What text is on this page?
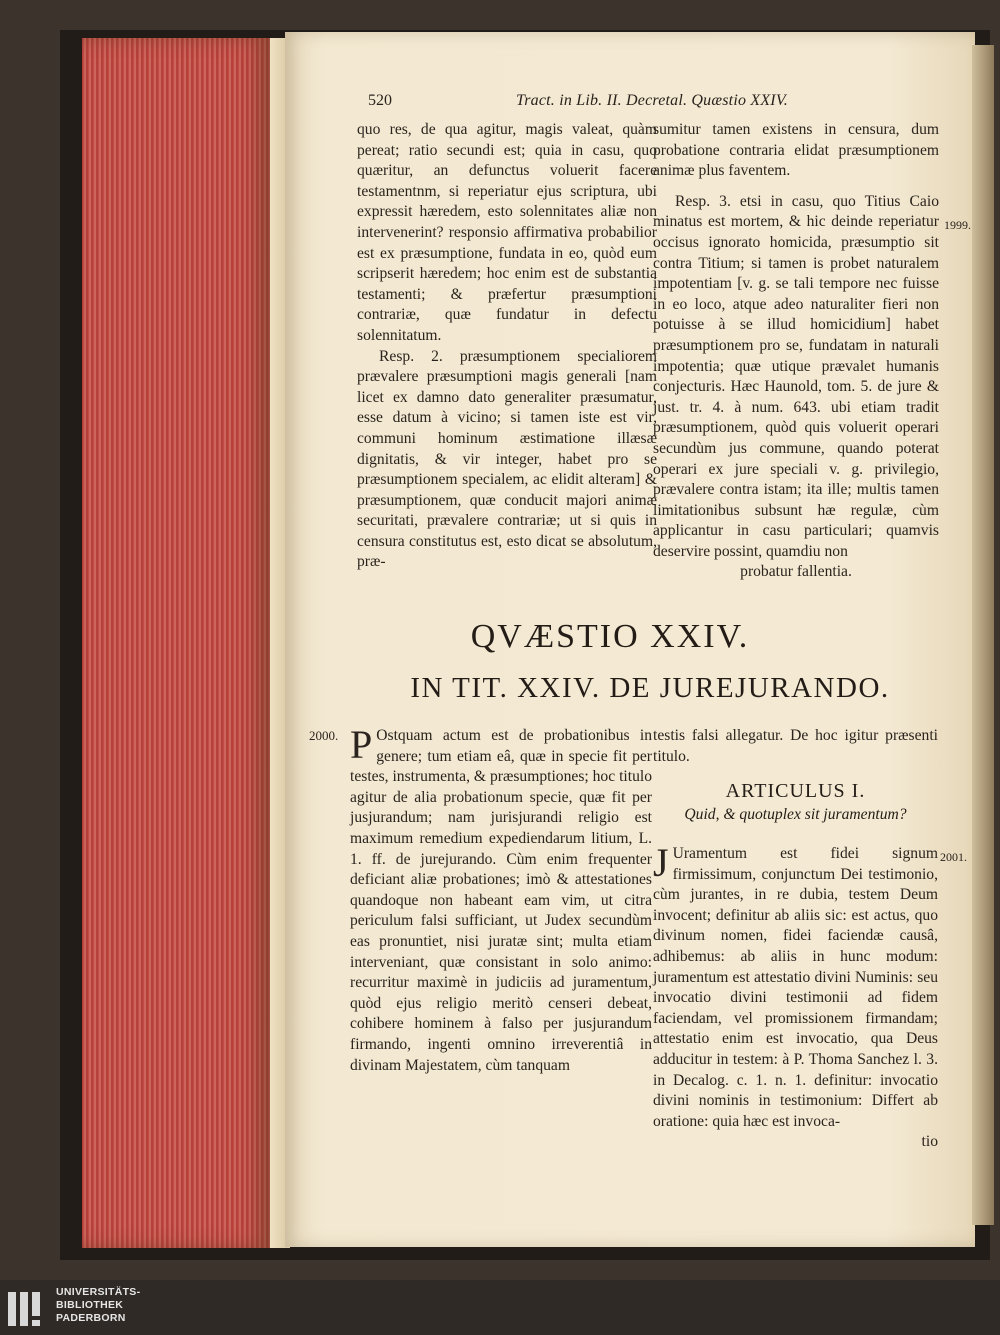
520	Tract. in Lib. II. Decretal. Quæstio XXIV.

quo res, de qua agitur, magis valeat, quàm pereat; ratio secundi est; quia in casu, quo quæritur, an defunctus voluerit facere testamentnm, si reperiatur ejus scriptura, ubi expressit hæredem, esto solennitates aliæ non intervenerint? responsio affirmativa probabilior est ex præsumptione, fundata in eo, quòd eum scripserit hæredem; hoc enim est de substantia testamenti; & præfertur præsumptioni contrariæ, quæ fundatur in defectu solennitatum.

Resp. 2. præsumptionem specialiorem prævalere præsumptioni magis generali [nam licet ex damno dato generaliter præsumatur, esse datum à vicino; si tamen iste est vir, communi hominum æstimatione illæsæ dignitatis, & vir integer, habet pro se præsumptionem specialem, ac elidit alteram] & præsumptionem, quæ conducit majori animæ securitati, prævalere contrariæ; ut si quis in censura constitutus est, esto dicat se absolutum, præ-

sumitur tamen existens in censura, dum probatione contraria elidat præsumptionem animæ plus faventem.

Resp. 3. etsi in casu, quo Titius Caio minatus est mortem, & hic deinde reperiatur occisus ignorato homicida, præsumptio sit contra Titium; si tamen is probet naturalem impotentiam [v. g. se tali tempore nec fuisse in eo loco, atque adeo naturaliter fieri non potuisse à se illud homicidium] habet præsumptionem pro se, fundatam in naturali impotentia; quæ utique prævalet humanis conjecturis. Hæc Haunold, tom. 5. de jure & just. tr. 4. à num. 643. ubi etiam tradit præsumptionem, quòd quis voluerit operari secundùm jus commune, quando poterat operari ex jure speciali v. g. privilegio, prævalere contra istam; ita ille; multis tamen limitationibus subsunt hæ regulæ, cùm applicantur in casu particulari; quamvis deservire possint, quamdiu non

probatur fallentia.

1999.
QVÆSTIO XXIV.
IN TIT. XXIV. DE JUREJURANDO.
2000. P Ostquam actum est de probationibus in genere; tum etiam eâ, quæ in specie fit per testes, instrumenta, & præsumptiones; hoc titulo agitur de alia probationum specie, quæ fit per jusjurandum; nam jurisjurandi religio est maximum remedium expediendarum litium, L. 1. ff. de jurejurando. Cùm enim frequenter deficiant aliæ probationes; imò & attestationes quandoque non habeant eam vim, ut citra periculum falsi sufficiant, ut Judex secundùm eas pronuntiet, nisi juratæ sint; multa etiam interveniant, quæ consistant in solo animo: recurritur maximè in judiciis ad juramentum, quòd ejus religio meritò censeri debeat, cohibere hominem à falso per jusjurandum firmando, ingenti omnino irreverentiâ in divinam Majestatem, cùm tanquam

testis falsi allegatur. De hoc igitur præsenti titulo.

ARTICULUS I.
Quid, & quotuplex sit juramentum?
2001.

J Uramentum est fidei signum firmissimum, conjunctum Dei testimonio, cùm jurantes, in re dubia, testem Deum invocent; definitur ab aliis sic: est actus, quo divinum nomen, fidei faciendæ causâ, adhibemus: ab aliis in hunc modum: juramentum est attestatio divini Numinis: seu invocatio divini testimonii ad fidem faciendam, vel promissionem firmandam; attestatio enim est invocatio, qua Deus adducitur in testem: à P. Thoma Sanchez l. 3. in Decalog. c. 1. n. 1. definitur: invocatio divini nominis in testimonium: Differt ab oratione: quia hæc est invoca-

tio

UNIVERSITÄTS-
BIBLIOTHEK
PADERBORN
